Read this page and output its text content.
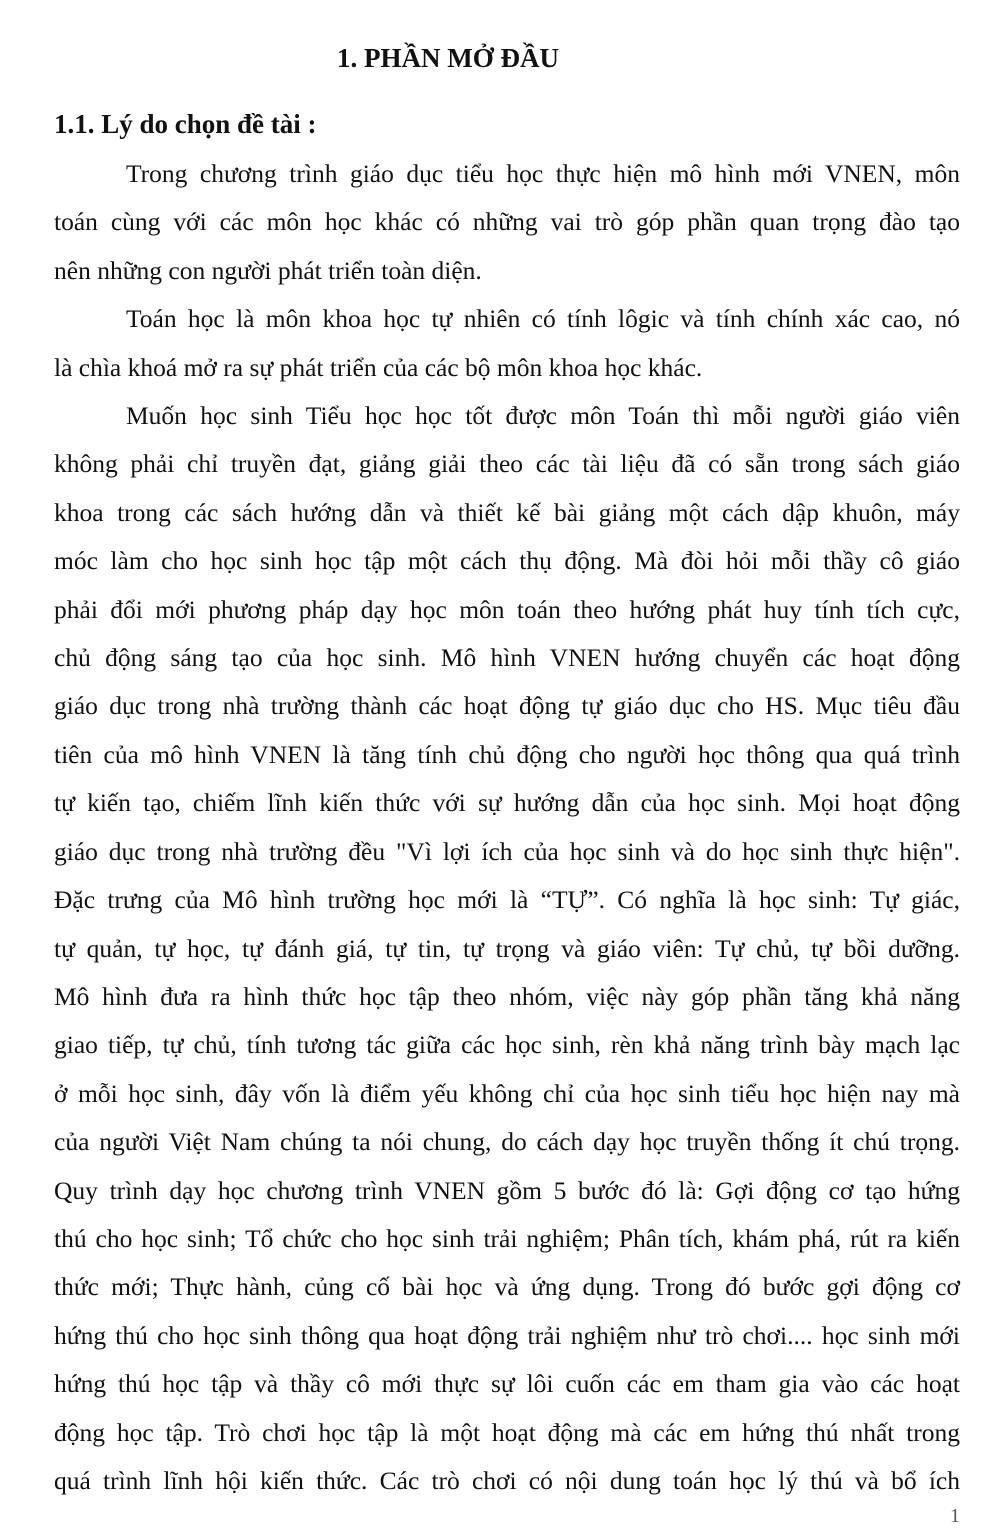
1. PHẦN MỞ ĐẦU
1.1. Lý do chọn đề tài :
Trong chương trình giáo dục tiểu học thực hiện mô hình mới VNEN, môn
toán cùng với các môn học khác có những vai trò góp phần quan trọng đào tạo
nên những con người phát triển toàn diện.
Toán học là môn khoa học tự nhiên có tính lôgic và tính chính xác cao, nó
là chìa khoá mở ra sự phát triển của các bộ môn khoa học khác.
Muốn học sinh Tiểu học học tốt được môn Toán thì mỗi người giáo viên
không phải chỉ truyền đạt, giảng giải theo các tài liệu đã có sẵn trong sách giáo
khoa trong các sách hướng dẫn và thiết kế bài giảng một cách dập khuôn, máy
móc làm cho học sinh học tập một cách thụ động. Mà đòi hỏi mỗi thầy cô giáo
phải đổi mới phương pháp dạy học môn toán theo hướng phát huy tính tích cực,
chủ động sáng tạo của học sinh. Mô hình VNEN hướng chuyển các hoạt động
giáo dục trong nhà trường thành các hoạt động tự giáo dục cho HS. Mục tiêu đầu
tiên của mô hình VNEN là tăng tính chủ động cho người học thông qua quá trình
tự kiến tạo, chiếm lĩnh kiến thức với sự hướng dẫn của học sinh. Mọi hoạt động
giáo dục trong nhà trường đều "Vì lợi ích của học sinh và do học sinh thực hiện".
Đặc trưng của Mô hình trường học mới là “TỰ”. Có nghĩa là học sinh: Tự giác,
tự quản, tự học, tự đánh giá, tự tin, tự trọng và giáo viên: Tự chủ, tự bồi dưỡng.
Mô hình đưa ra hình thức học tập theo nhóm, việc này góp phần tăng khả năng
giao tiếp, tự chủ, tính tương tác giữa các học sinh, rèn khả năng trình bày mạch lạc
ở mỗi học sinh, đây vốn là điểm yếu không chỉ của học sinh tiểu học hiện nay mà
của người Việt Nam chúng ta nói chung, do cách dạy học truyền thống ít chú trọng.
Quy trình dạy học chương trình VNEN gồm 5 bước đó là: Gợi động cơ tạo hứng
thú cho học sinh; Tổ chức cho học sinh trải nghiệm; Phân tích, khám phá, rút ra kiến
thức mới; Thực hành, củng cố bài học và ứng dụng. Trong đó bước gợi động cơ
hứng thú cho học sinh thông qua hoạt động trải nghiệm như trò chơi.... học sinh mới
hứng thú học tập và thầy cô mới thực sự lôi cuốn các em tham gia vào các hoạt
động học tập. Trò chơi học tập là một hoạt động mà các em hứng thú nhất trong
quá trình lĩnh hội kiến thức. Các trò chơi có nội dung toán học lý thú và bổ ích
1
